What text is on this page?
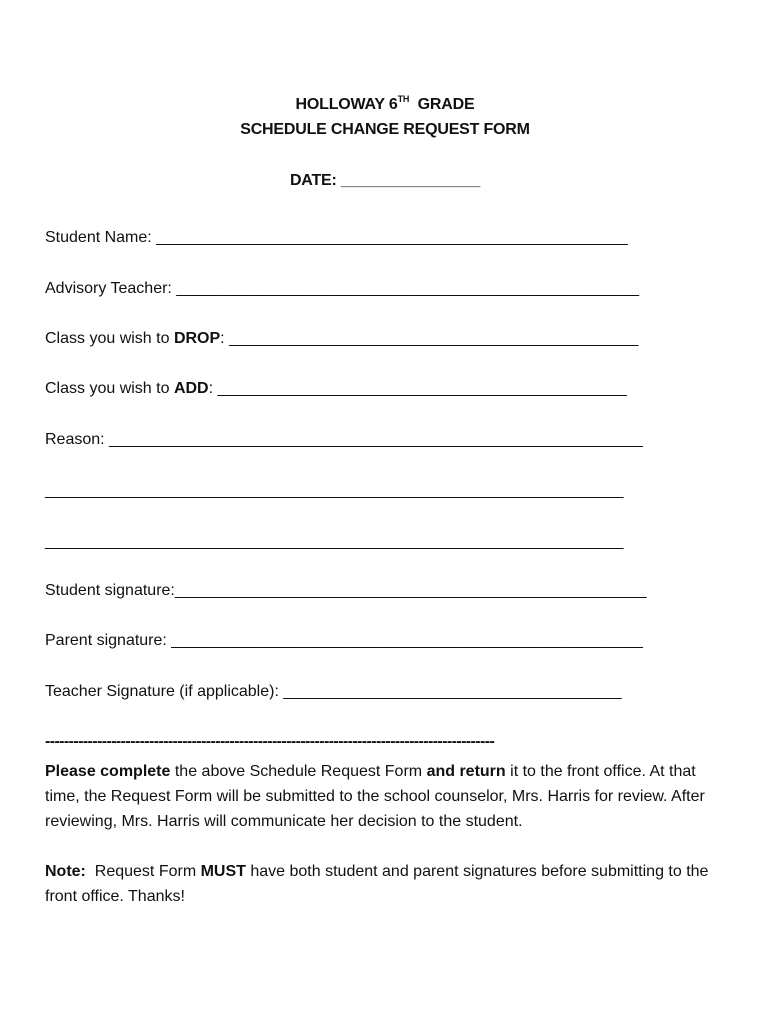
HOLLOWAY 6TH  GRADE
SCHEDULE CHANGE REQUEST FORM
DATE: ________________
Student Name: _____________________________________________________
Advisory Teacher: ____________________________________________________
Class you wish to DROP: ______________________________________________
Class you wish to ADD: ______________________________________________
Reason: ____________________________________________________________
_________________________________________________________________
_________________________________________________________________
Student signature:_____________________________________________________
Parent signature: _____________________________________________________
Teacher Signature (if applicable): ______________________________________
-----------------------------------------------------------------------------------------------
Please complete the above Schedule Request Form and return it to the front office. At that time, the Request Form will be submitted to the school counselor, Mrs. Harris for review. After reviewing, Mrs. Harris will communicate her decision to the student.
Note:  Request Form MUST have both student and parent signatures before submitting to the front office. Thanks!
